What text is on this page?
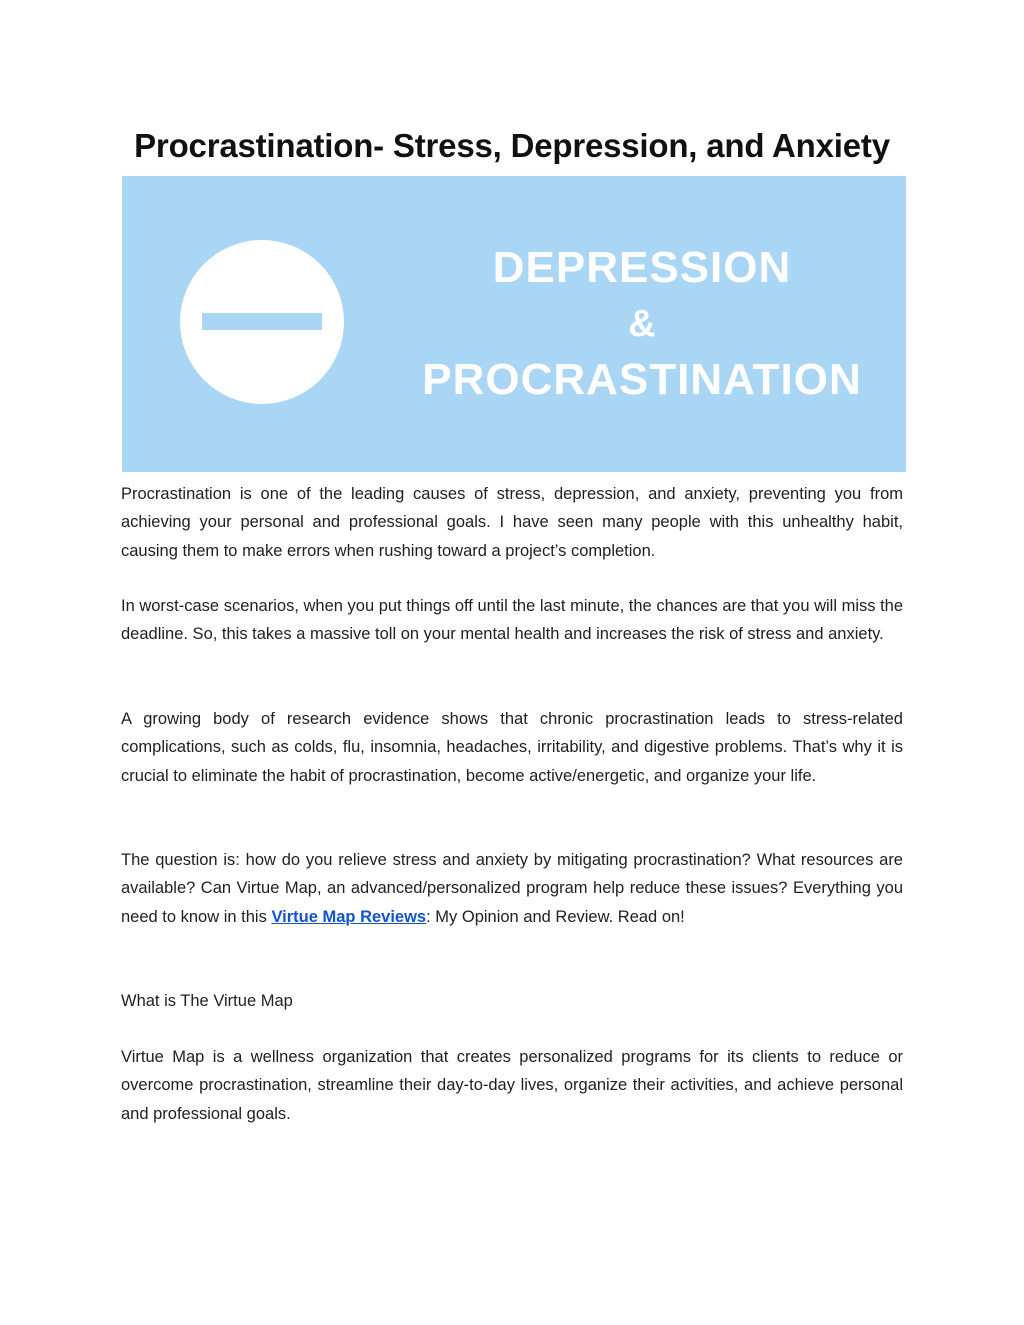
Procrastination- Stress, Depression, and Anxiety
DEPRESSION
&
PROCRASTINATION

Procrastination is one of the leading causes of stress, depression, and anxiety, preventing you from achieving your personal and professional goals. I have seen many people with this unhealthy habit, causing them to make errors when rushing toward a project’s completion.

In worst-case scenarios, when you put things off until the last minute, the chances are that you will miss the deadline. So, this takes a massive toll on your mental health and increases the risk of stress and anxiety.

A growing body of research evidence shows that chronic procrastination leads to stress-related complications, such as colds, flu, insomnia, headaches, irritability, and digestive problems. That’s why it is crucial to eliminate the habit of procrastination, become active/energetic, and organize your life.

The question is: how do you relieve stress and anxiety by mitigating procrastination? What resources are available? Can Virtue Map, an advanced/personalized program help reduce these issues? Everything you need to know in this Virtue Map Reviews: My Opinion and Review. Read on!

What is The Virtue Map

Virtue Map is a wellness organization that creates personalized programs for its clients to reduce or overcome procrastination, streamline their day-to-day lives, organize their activities, and achieve personal and professional goals.
